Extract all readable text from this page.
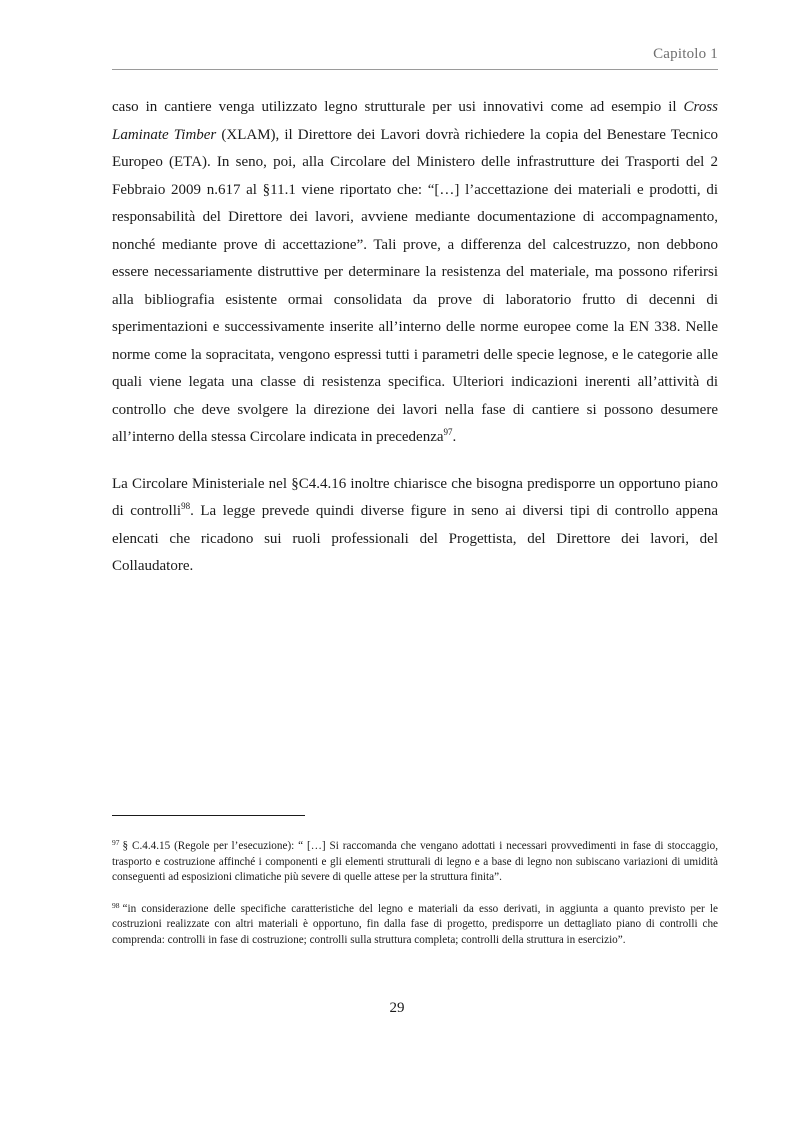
Capitolo 1

caso in cantiere venga utilizzato legno strutturale per usi innovativi come ad esempio il Cross Laminate Timber (XLAM), il Direttore dei Lavori dovrà richiedere la copia del Benestare Tecnico Europeo (ETA). In seno, poi, alla Circolare del Ministero delle infrastrutture dei Trasporti del 2 Febbraio 2009 n.617 al §11.1 viene riportato che: “[…] l’accettazione dei materiali e prodotti, di responsabilità del Direttore dei lavori, avviene mediante documentazione di accompagnamento, nonché mediante prove di accettazione”. Tali prove, a differenza del calcestruzzo, non debbono essere necessariamente distruttive per determinare la resistenza del materiale, ma possono riferirsi alla bibliografia esistente ormai consolidata da prove di laboratorio frutto di decenni di sperimentazioni e successivamente inserite all’interno delle norme europee come la EN 338. Nelle norme come la sopracitata, vengono espressi tutti i parametri delle specie legnose, e le categorie alle quali viene legata una classe di resistenza specifica. Ulteriori indicazioni inerenti all’attività di controllo che deve svolgere la direzione dei lavori nella fase di cantiere si possono desumere all’interno della stessa Circolare indicata in precedenza$^{97}$.

La Circolare Ministeriale nel §C4.4.16 inoltre chiarisce che bisogna predisporre un opportuno piano di controlli$^{98}$. La legge prevede quindi diverse figure in seno ai diversi tipi di controllo appena elencati che ricadono sui ruoli professionali del Progettista, del Direttore dei lavori, del Collaudatore.

$^{97}$ § C.4.4.15 (Regole per l’esecuzione): “ […] Si raccomanda che vengano adottati i necessari provvedimenti in fase di stoccaggio, trasporto e costruzione affinché i componenti e gli elementi strutturali di legno e a base di legno non subiscano variazioni di umidità conseguenti ad esposizioni climatiche più severe di quelle attese per la struttura finita”.

$^{98}$ “in considerazione delle specifiche caratteristiche del legno e materiali da esso derivati, in aggiunta a quanto previsto per le costruzioni realizzate con altri materiali è opportuno, fin dalla fase di progetto, predisporre un dettagliato piano di controlli che comprenda: controlli in fase di costruzione; controlli sulla struttura completa; controlli della struttura in esercizio”.

29
